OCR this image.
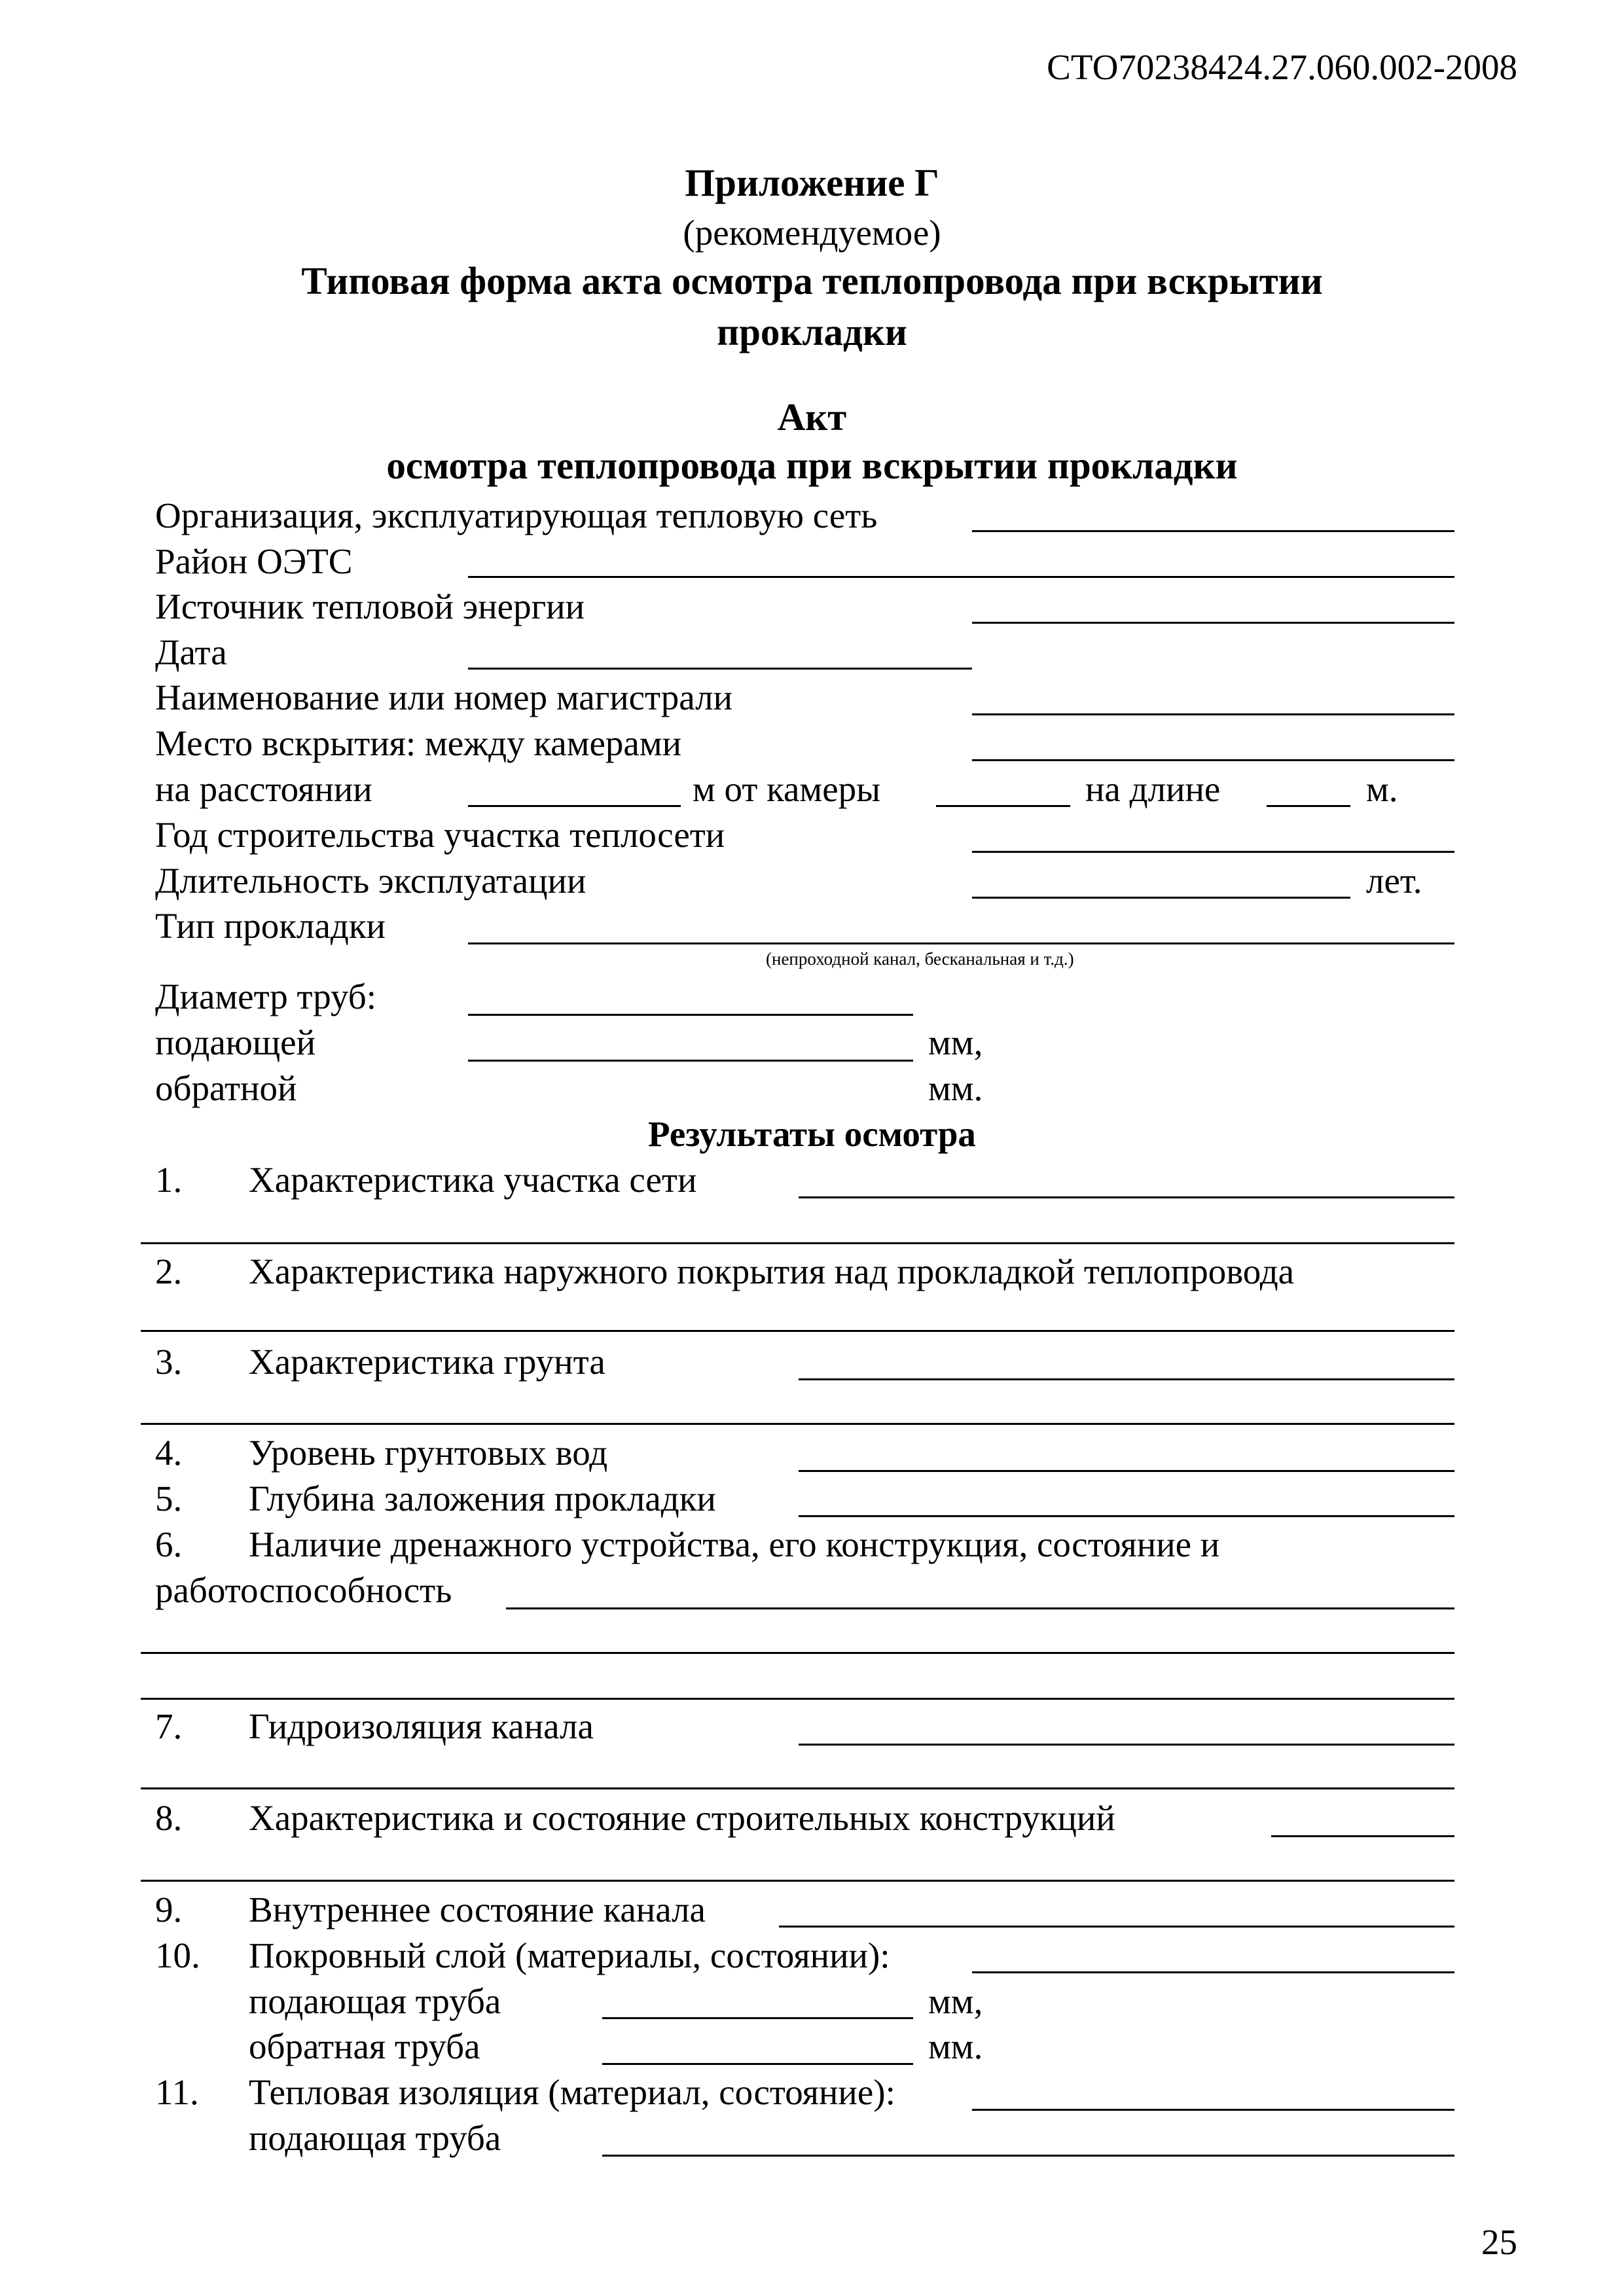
СТО70238424.27.060.002-2008
Приложение Г
(рекомендуемое)
Типовая форма акта осмотра теплопровода при вскрытии
прокладки
Акт
осмотра теплопровода при вскрытии прокладки
Организация, эксплуатирующая тепловую сеть
Район ОЭТС
Источник тепловой энергии
Дата
Наименование или номер магистрали
Место вскрытия: между камерами
на расстоянии	м от камеры	на длине	м.
Год строительства участка теплосети
Длительность эксплуатации	лет.
Тип прокладки
(непроходной канал, бесканальная и т.д.)
Диаметр труб:
подающей	мм,
обратной	мм.
Результаты осмотра
1. Характеристика участка сети
2. Характеристика наружного покрытия над прокладкой теплопровода
3. Характеристика грунта
4. Уровень грунтовых вод
5. Глубина заложения прокладки
6. Наличие дренажного устройства, его конструкция, состояние и
работоспособность
7. Гидроизоляция канала
8. Характеристика и состояние строительных конструкций
9. Внутреннее состояние канала
10. Покровный слой (материалы, состоянии):
подающая труба	мм,
обратная труба	мм.
11. Тепловая изоляция (материал, состояние):
подающая труба
25
